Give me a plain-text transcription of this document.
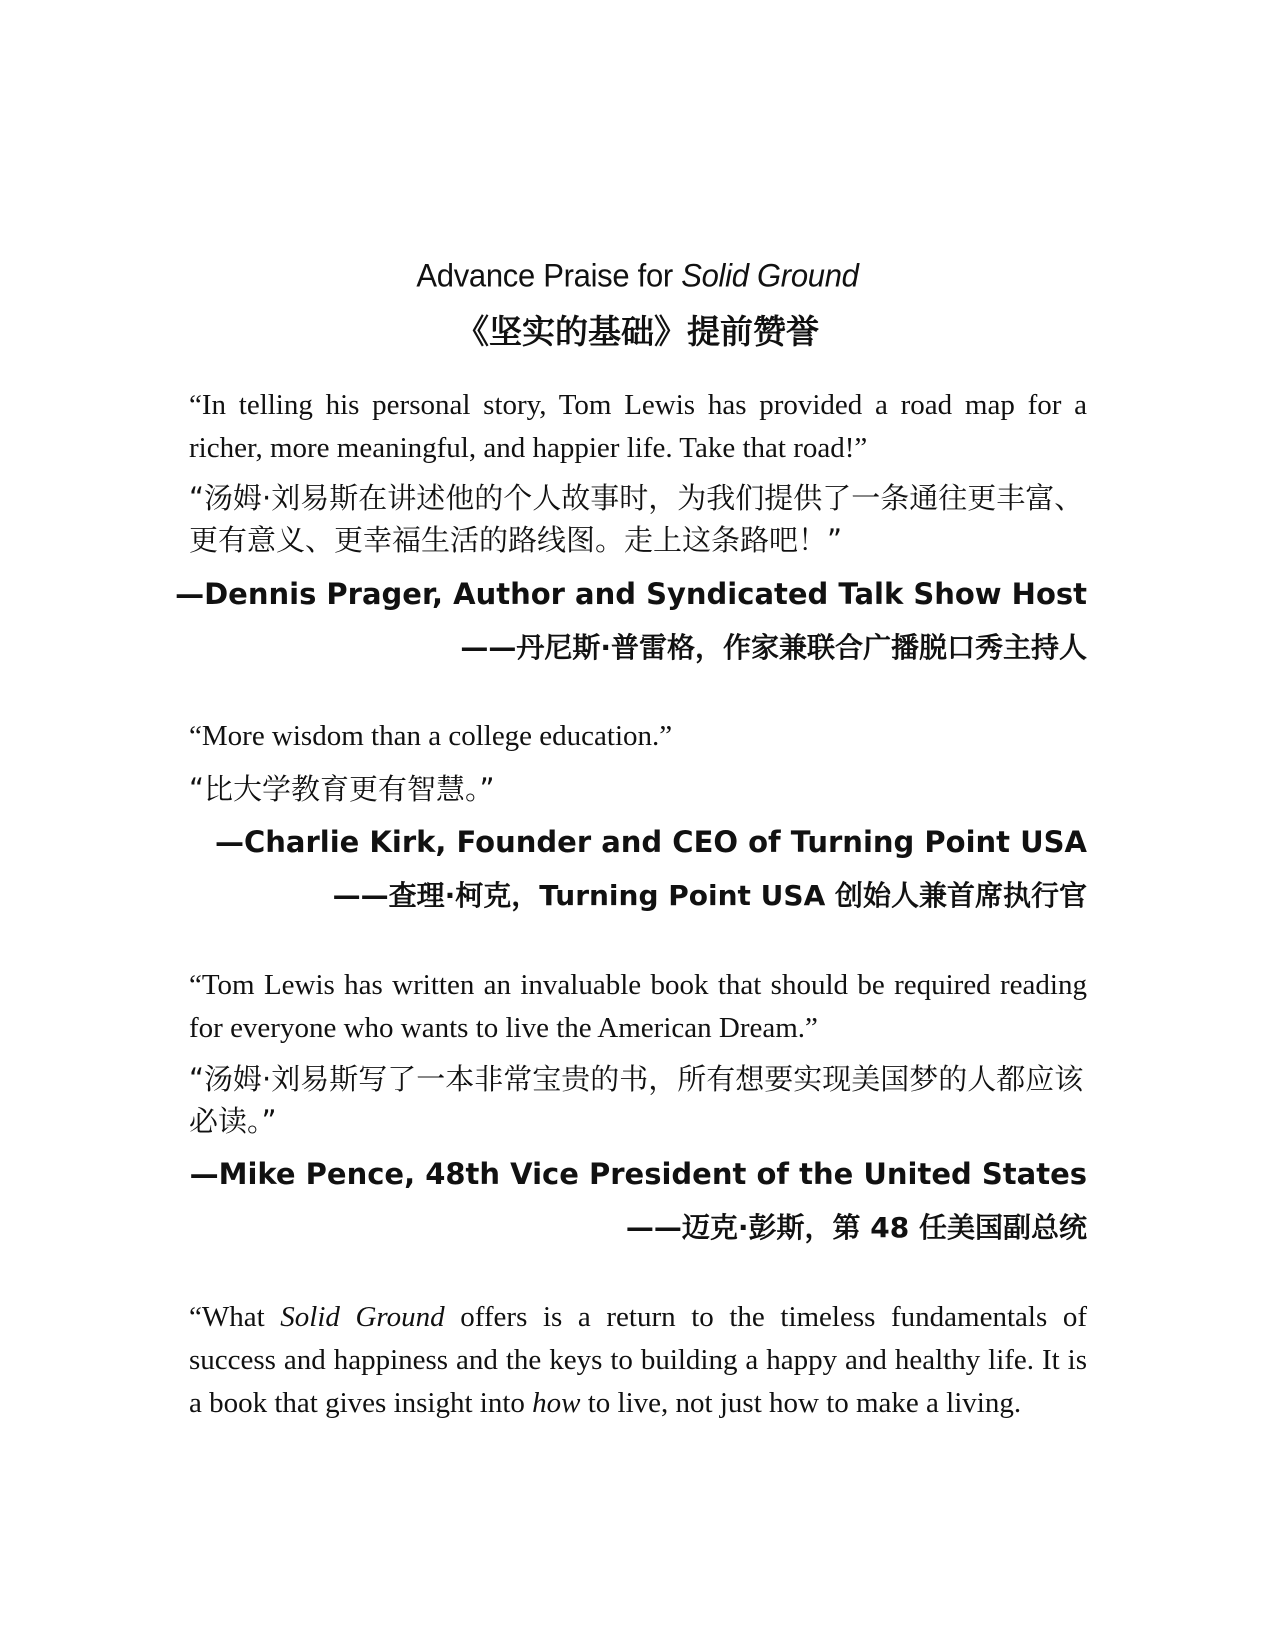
Advance Praise for Solid Ground
《坚实的基础》提前赞誉
“In telling his personal story, Tom Lewis has provided a road map for a richer, more meaningful, and happier life. Take that road!”
“汤姆·刘易斯在讲述他的个人故事时，为我们提供了一条通往更丰富、更有意义、更幸福生活的路线图。走上这条路吧！”
—Dennis Prager, Author and Syndicated Talk Show Host
——丹尼斯·普雷格，作家兼联合广播脱口秀主持人
“More wisdom than a college education.”
“比大学教育更有智慧。”
—Charlie Kirk, Founder and CEO of Turning Point USA
——查理·柯克，Turning Point USA 创始人兼首席执行官
“Tom Lewis has written an invaluable book that should be required reading for everyone who wants to live the American Dream.”
“汤姆·刘易斯写了一本非常宝贵的书，所有想要实现美国梦的人都应该必读。”
—Mike Pence, 48th Vice President of the United States
——迈克·彭斯，第 48 任美国副总统
“What Solid Ground offers is a return to the timeless fundamentals of success and happiness and the keys to building a happy and healthy life. It is a book that gives insight into how to live, not just how to make a living.
